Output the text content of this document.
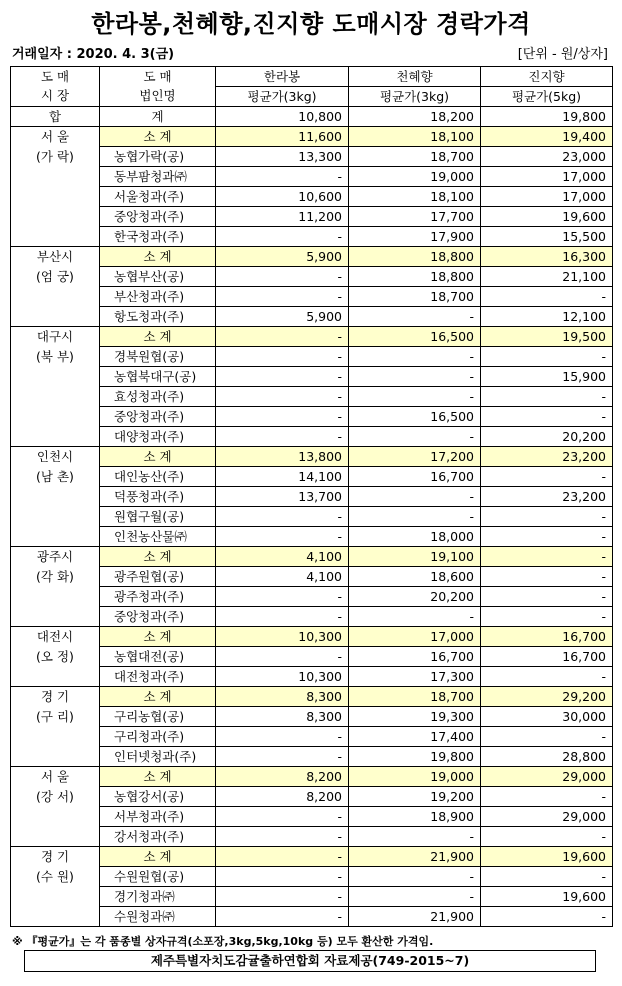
한라봉,천혜향,진지향 도매시장 경락가격
거래일자 : 2020. 4. 3(금)	[단위 - 원/상자]
도 매	도 매	한라봉	천혜향	진지향
시 장	법인명	평균가(3kg)	평균가(3kg)	평균가(5kg)
합	계	10,800	18,200	19,800

서 울
(가 락)	소 계	11,600	18,100	19,400
	농협가락(공)	13,300	18,700	23,000
	동부팜청과㈜	-	19,000	17,000
	서울청과(주)	10,600	18,100	17,000
	중앙청과(주)	11,200	17,700	19,600
	한국청과(주)	-	17,900	15,500

부산시
(엄 궁)	소 계	5,900	18,800	16,300
	농협부산(공)	-	18,800	21,100
	부산청과(주)	-	18,700	-
	항도청과(주)	5,900	-	12,100

대구시
(북 부)	소 계	-	16,500	19,500
	경북원협(공)	-	-	-
	농협북대구(공)	-	-	15,900
	효성청과(주)	-	-	-
	중앙청과(주)	-	16,500	-
	대양청과(주)	-	-	20,200

인천시
(남 촌)	소 계	13,800	17,200	23,200
	대인농산(주)	14,100	16,700	-
	덕풍청과(주)	13,700	-	23,200
	원협구월(공)	-	-	-
	인천농산물㈜	-	18,000	-

광주시
(각 화)	소 계	4,100	19,100	-
	광주원협(공)	4,100	18,600	-
	광주청과(주)	-	20,200	-
	중앙청과(주)	-	-	-

대전시
(오 정)	소 계	10,300	17,000	16,700
	농협대전(공)	-	16,700	16,700
	대전청과(주)	10,300	17,300	-

경 기
(구 리)	소 계	8,300	18,700	29,200
	구리농협(공)	8,300	19,300	30,000
	구리청과(주)	-	17,400	-
	인터넷청과(주)	-	19,800	28,800

서 울
(강 서)	소 계	8,200	19,000	29,000
	농협강서(공)	8,200	19,200	-
	서부청과(주)	-	18,900	29,000
	강서청과(주)	-	-	-

경 기
(수 원)	소 계	-	21,900	19,600
	수원원협(공)	-	-	-
	경기청과㈜	-	-	19,600
	수원청과㈜	-	21,900	-
※ 『평균가』는 각 품종별 상자규격(소포장,3kg,5kg,10kg 등) 모두 환산한 가격임.
제주특별자치도감귤출하연합회 자료제공(749-2015~7)
